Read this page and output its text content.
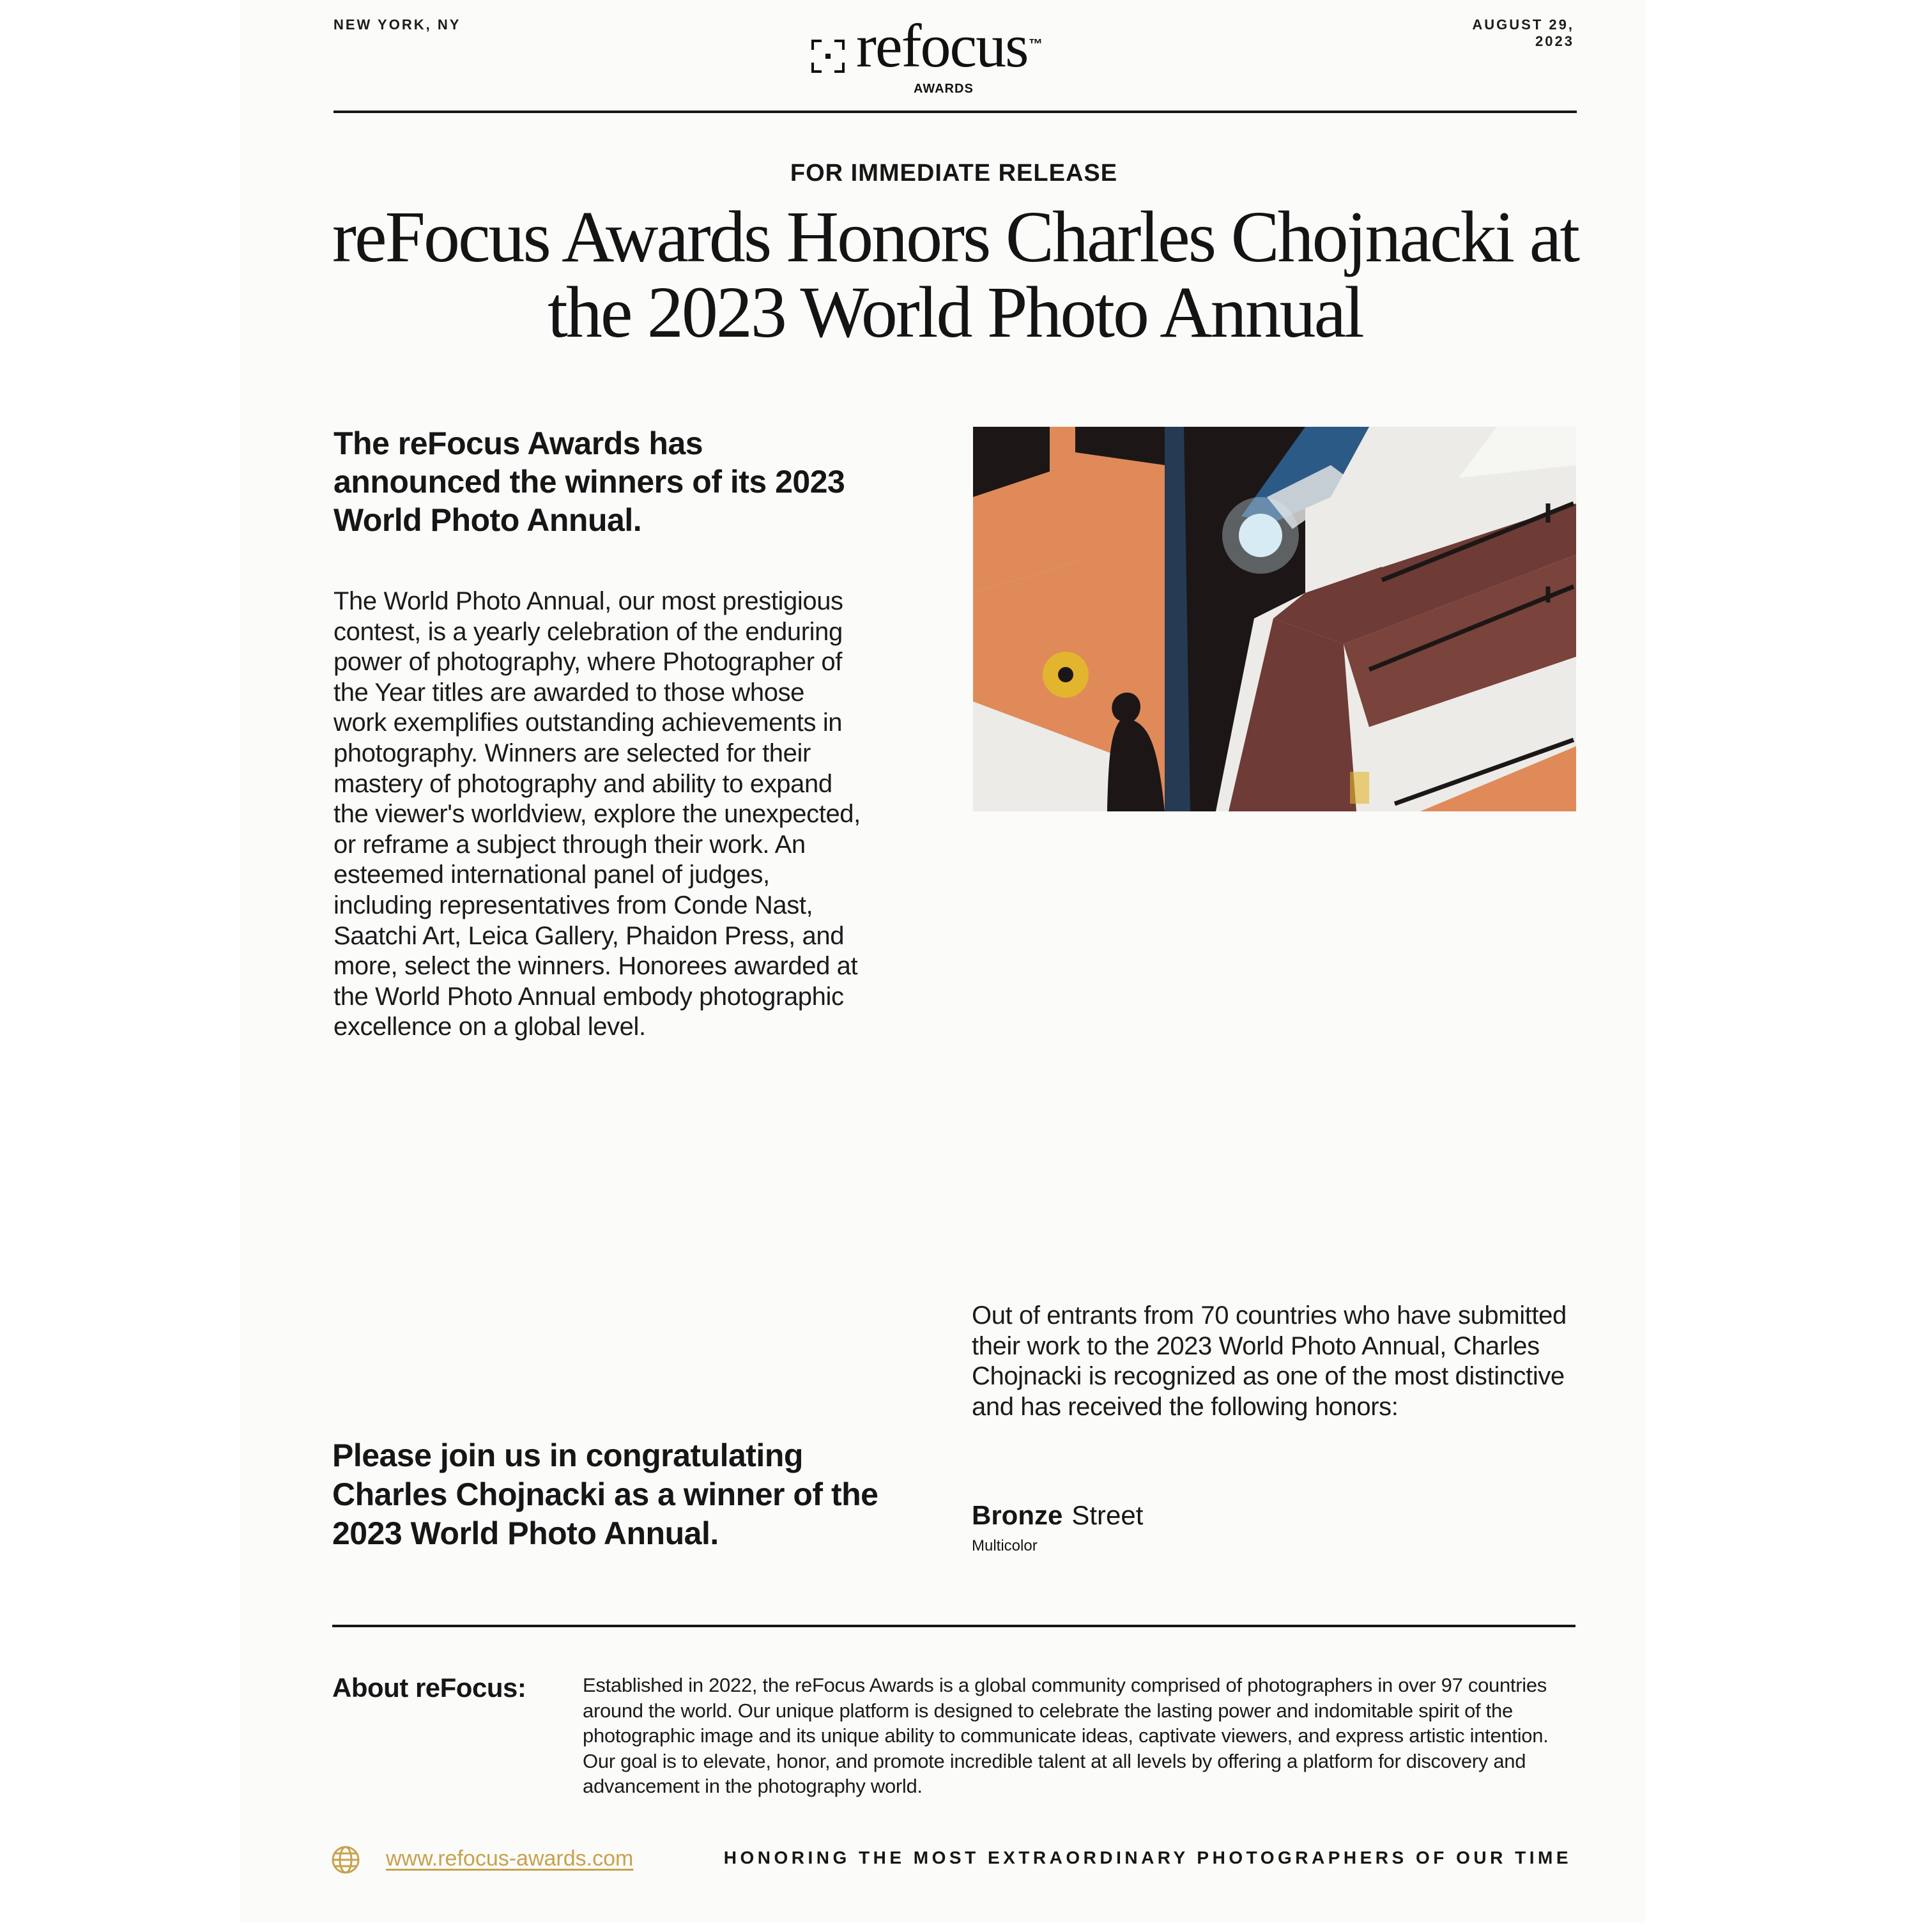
NEW YORK, NY	AUGUST 29, 2023
refocus ™
AWARDS
FOR IMMEDIATE RELEASE
reFocus Awards Honors Charles Chojnacki at the 2023 World Photo Annual
The reFocus Awards has announced the winners of its 2023 World Photo Annual.
The World Photo Annual, our most prestigious contest, is a yearly celebration of the enduring power of photography, where Photographer of the Year titles are awarded to those whose work exemplifies outstanding achievements in photography. Winners are selected for their mastery of photography and ability to expand the viewer's worldview, explore the unexpected, or reframe a subject through their work. An esteemed international panel of judges, including representatives from Conde Nast, Saatchi Art, Leica Gallery, Phaidon Press, and more, select the winners. Honorees awarded at the World Photo Annual embody photographic excellence on a global level.
Out of entrants from 70 countries who have submitted their work to the 2023 World Photo Annual, Charles Chojnacki is recognized as one of the most distinctive and has received the following honors:
Please join us in congratulating Charles Chojnacki as a winner of the 2023 World Photo Annual.
Bronze Street
Multicolor
About reFocus:	Established in 2022, the reFocus Awards is a global community comprised of photographers in over 97 countries around the world. Our unique platform is designed to celebrate the lasting power and indomitable spirit of the photographic image and its unique ability to communicate ideas, captivate viewers, and express artistic intention. Our goal is to elevate, honor, and promote incredible talent at all levels by offering a platform for discovery and advancement in the photography world.
www.refocus-awards.com	HONORING THE MOST EXTRAORDINARY PHOTOGRAPHERS OF OUR TIME
